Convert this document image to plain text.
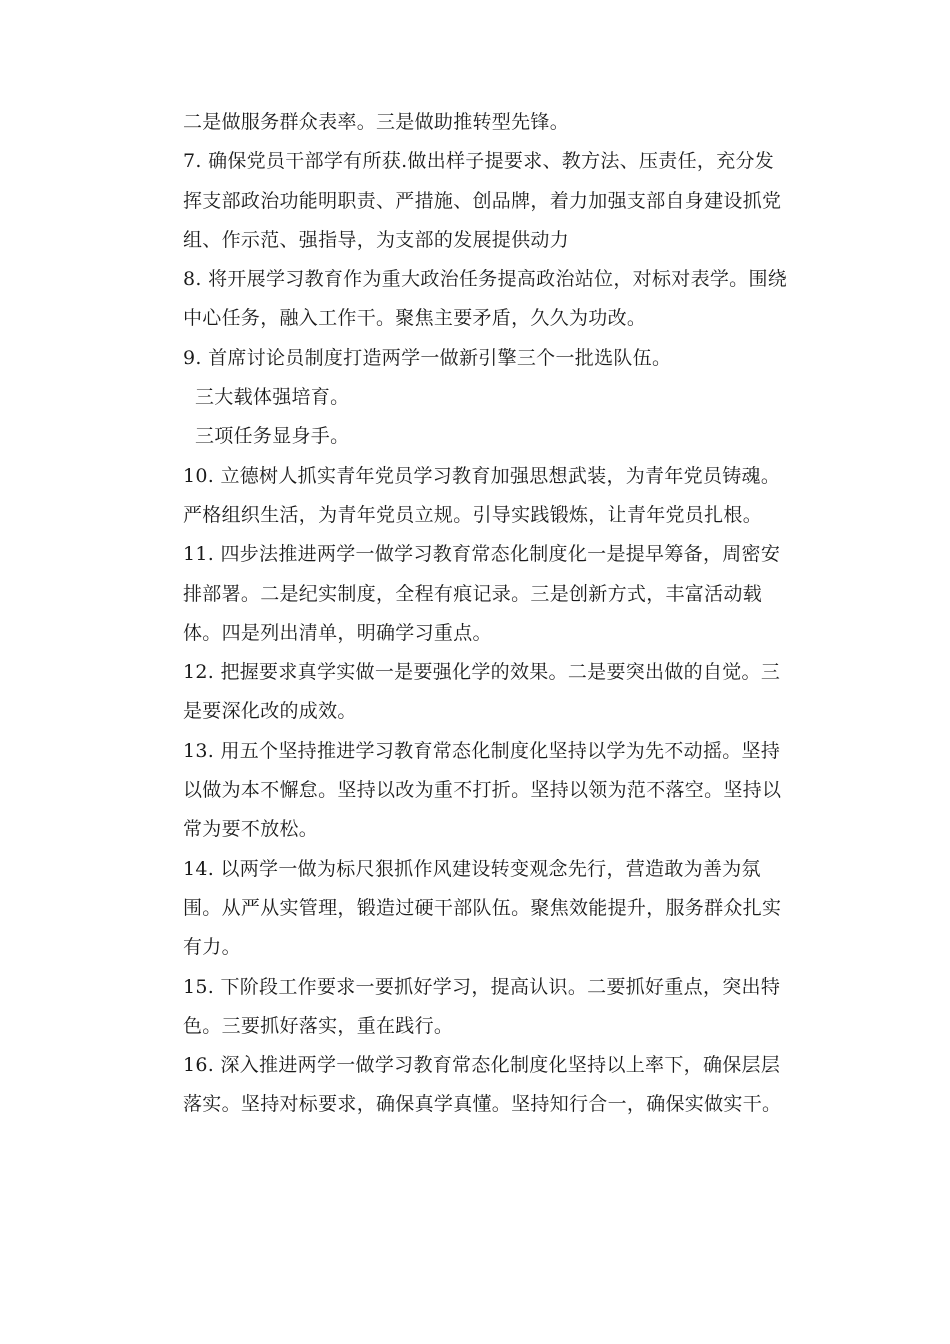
二是做服务群众表率。三是做助推转型先锋。

7. 确保党员干部学有所获.做出样子提要求、教方法、压责任，充分发挥支部政治功能明职责、严措施、创品牌，着力加强支部自身建设抓党组、作示范、强指导，为支部的发展提供动力

8. 将开展学习教育作为重大政治任务提高政治站位，对标对表学。围绕中心任务，融入工作干。聚焦主要矛盾，久久为功改。

9. 首席讨论员制度打造两学一做新引擎三个一批选队伍。

三大载体强培育。

三项任务显身手。

10. 立德树人抓实青年党员学习教育加强思想武装，为青年党员铸魂。严格组织生活，为青年党员立规。引导实践锻炼，让青年党员扎根。

11. 四步法推进两学一做学习教育常态化制度化一是提早筹备，周密安排部署。二是纪实制度，全程有痕记录。三是创新方式，丰富活动载体。四是列出清单，明确学习重点。

12. 把握要求真学实做一是要强化学的效果。二是要突出做的自觉。三是要深化改的成效。

13. 用五个坚持推进学习教育常态化制度化坚持以学为先不动摇。坚持以做为本不懈怠。坚持以改为重不打折。坚持以领为范不落空。坚持以常为要不放松。

14. 以两学一做为标尺狠抓作风建设转变观念先行，营造敢为善为氛围。从严从实管理，锻造过硬干部队伍。聚焦效能提升，服务群众扎实有力。

15. 下阶段工作要求一要抓好学习，提高认识。二要抓好重点，突出特色。三要抓好落实，重在践行。

16. 深入推进两学一做学习教育常态化制度化坚持以上率下，确保层层落实。坚持对标要求，确保真学真懂。坚持知行合一，确保实做实干。
